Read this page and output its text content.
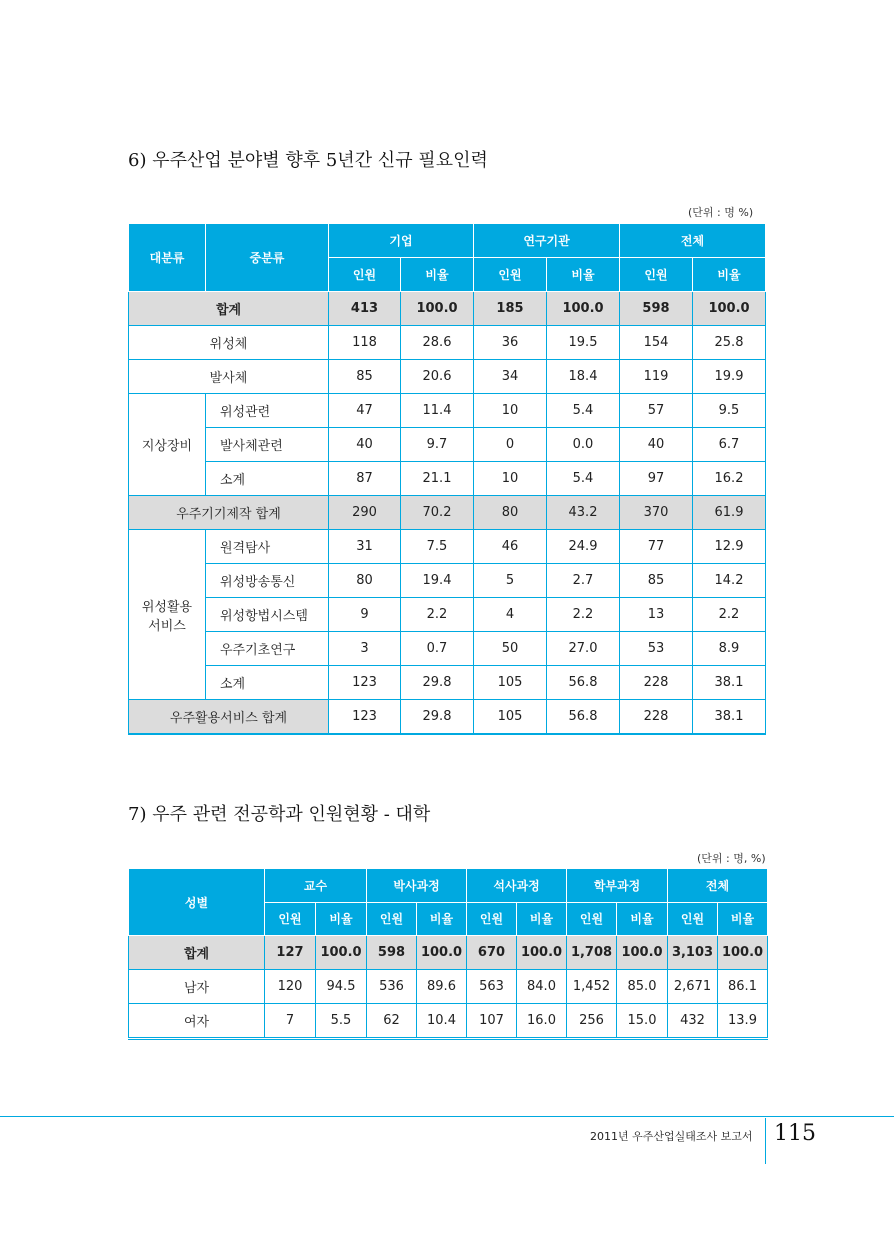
6) 우주산업 분야별 향후 5년간 신규 필요인력
(단위 : 명 %)
대분류	중분류	기업		연구기관		전체	
		인원	비율	인원	비율	인원	비율
합계		413	100.0	185	100.0	598	100.0
위성체		118	28.6	36	19.5	154	25.8
발사체		85	20.6	34	18.4	119	19.9
지상장비	위성관련	47	11.4	10	5.4	57	9.5
	발사체관련	40	9.7	0	0.0	40	6.7
	소계	87	21.1	10	5.4	97	16.2
우주기기제작 합계		290	70.2	80	43.2	370	61.9

위성활용
서비스	원격탐사	31	7.5	46	24.9	77	12.9
	위성방송통신	80	19.4	5	2.7	85	14.2
	위성항법시스템	9	2.2	4	2.2	13	2.2
	우주기초연구	3	0.7	50	27.0	53	8.9
	소계	123	29.8	105	56.8	228	38.1
우주활용서비스 합계		123	29.8	105	56.8	228	38.1
7) 우주 관련 전공학과 인원현황 - 대학
(단위 : 명, %)
성별	교수		박사과정		석사과정		학부과정		전체	
	인원	비율	인원	비율	인원	비율	인원	비율	인원	비율
합계	127	100.0	598	100.0	670	100.0	1,708	100.0	3,103	100.0
남자	120	94.5	536	89.6	563	84.0	1,452	85.0	2,671	86.1
여자	7	5.5	62	10.4	107	16.0	256	15.0	432	13.9
2011년 우주산업실태조사 보고서 115
